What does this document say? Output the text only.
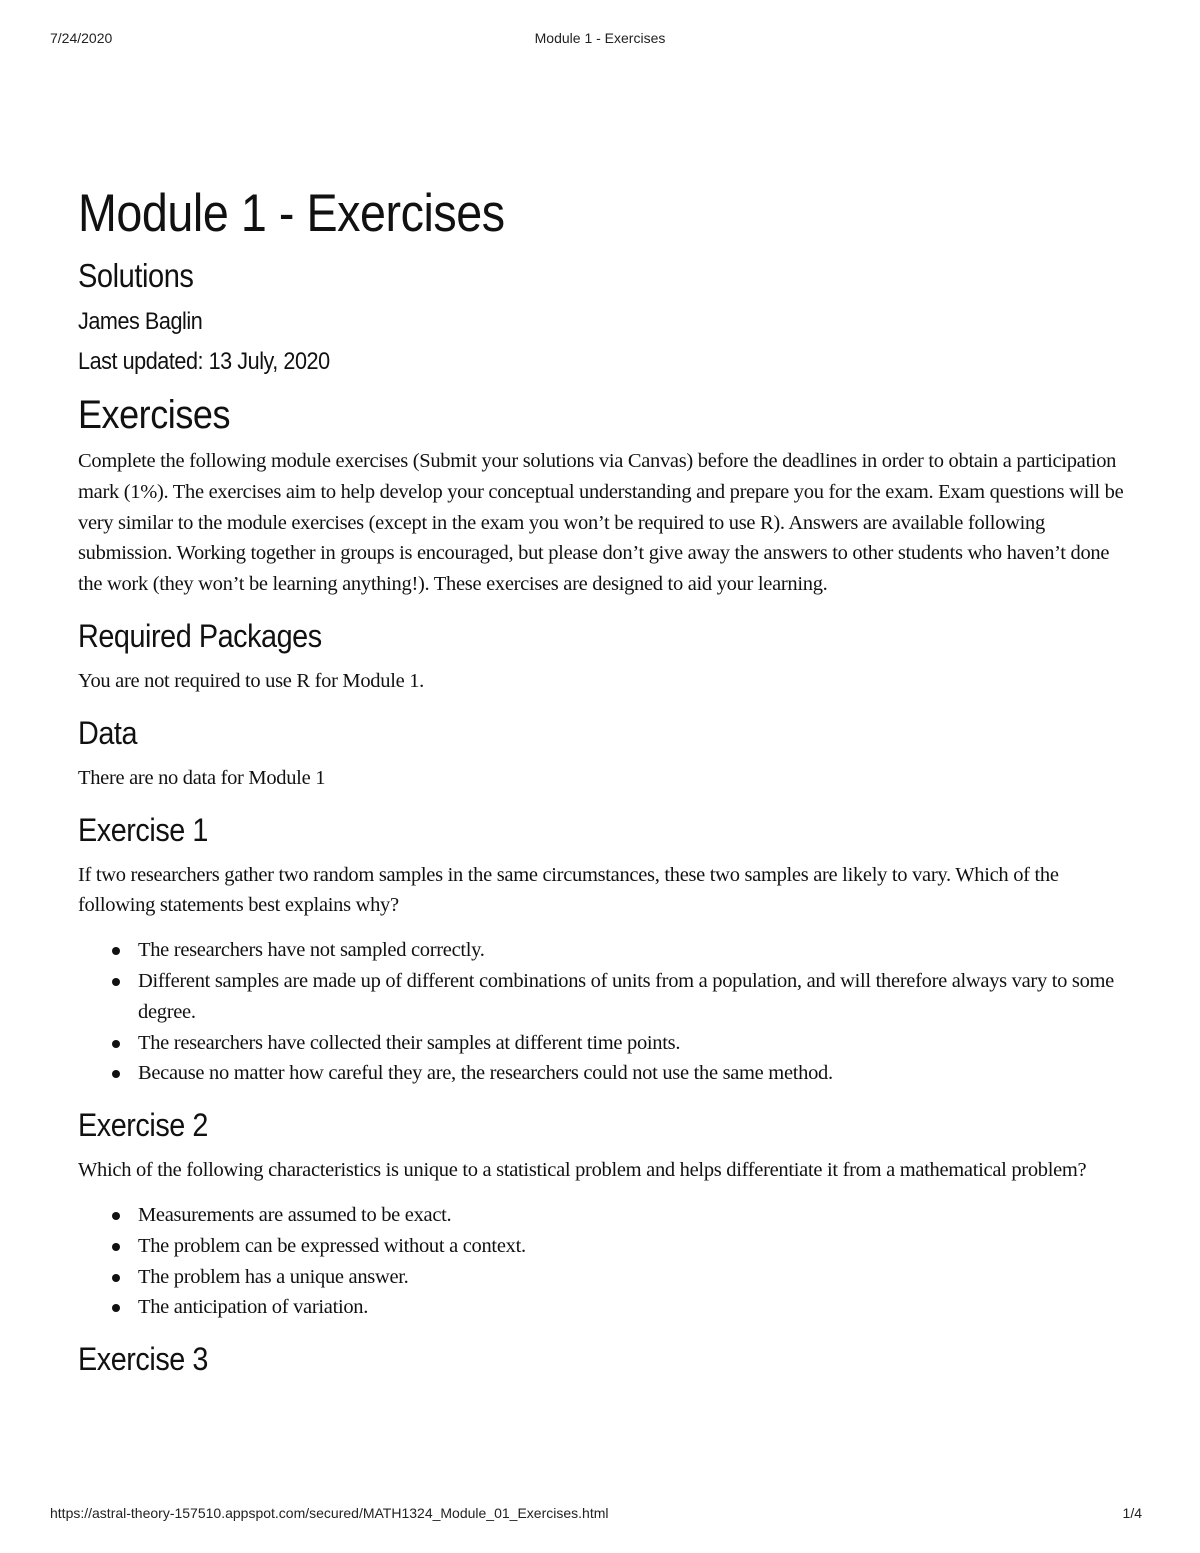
7/24/2020	Module 1 - Exercises
Module 1 - Exercises
Solutions
James Baglin
Last updated: 13 July, 2020
Exercises

Complete the following module exercises (Submit your solutions via Canvas) before the deadlines in order to obtain a participation mark (1%). The exercises aim to help develop your conceptual understanding and prepare you for the exam. Exam questions will be very similar to the module exercises (except in the exam you won’t be required to use R). Answers are available following submission. Working together in groups is encouraged, but please don’t give away the answers to other students who haven’t done the work (they won’t be learning anything!). These exercises are designed to aid your learning.

Required Packages

You are not required to use R for Module 1.

Data

There are no data for Module 1

Exercise 1

If two researchers gather two random samples in the same circumstances, these two samples are likely to vary. Which of the following statements best explains why?

The researchers have not sampled correctly.
Different samples are made up of different combinations of units from a population, and will therefore always vary to some degree.
The researchers have collected their samples at different time points.
Because no matter how careful they are, the researchers could not use the same method.
Exercise 2

Which of the following characteristics is unique to a statistical problem and helps differentiate it from a mathematical problem?

Measurements are assumed to be exact.
The problem can be expressed without a context.
The problem has a unique answer.
The anticipation of variation.
Exercise 3
https://astral-theory-157510.appspot.com/secured/MATH1324_Module_01_Exercises.html	1/4
